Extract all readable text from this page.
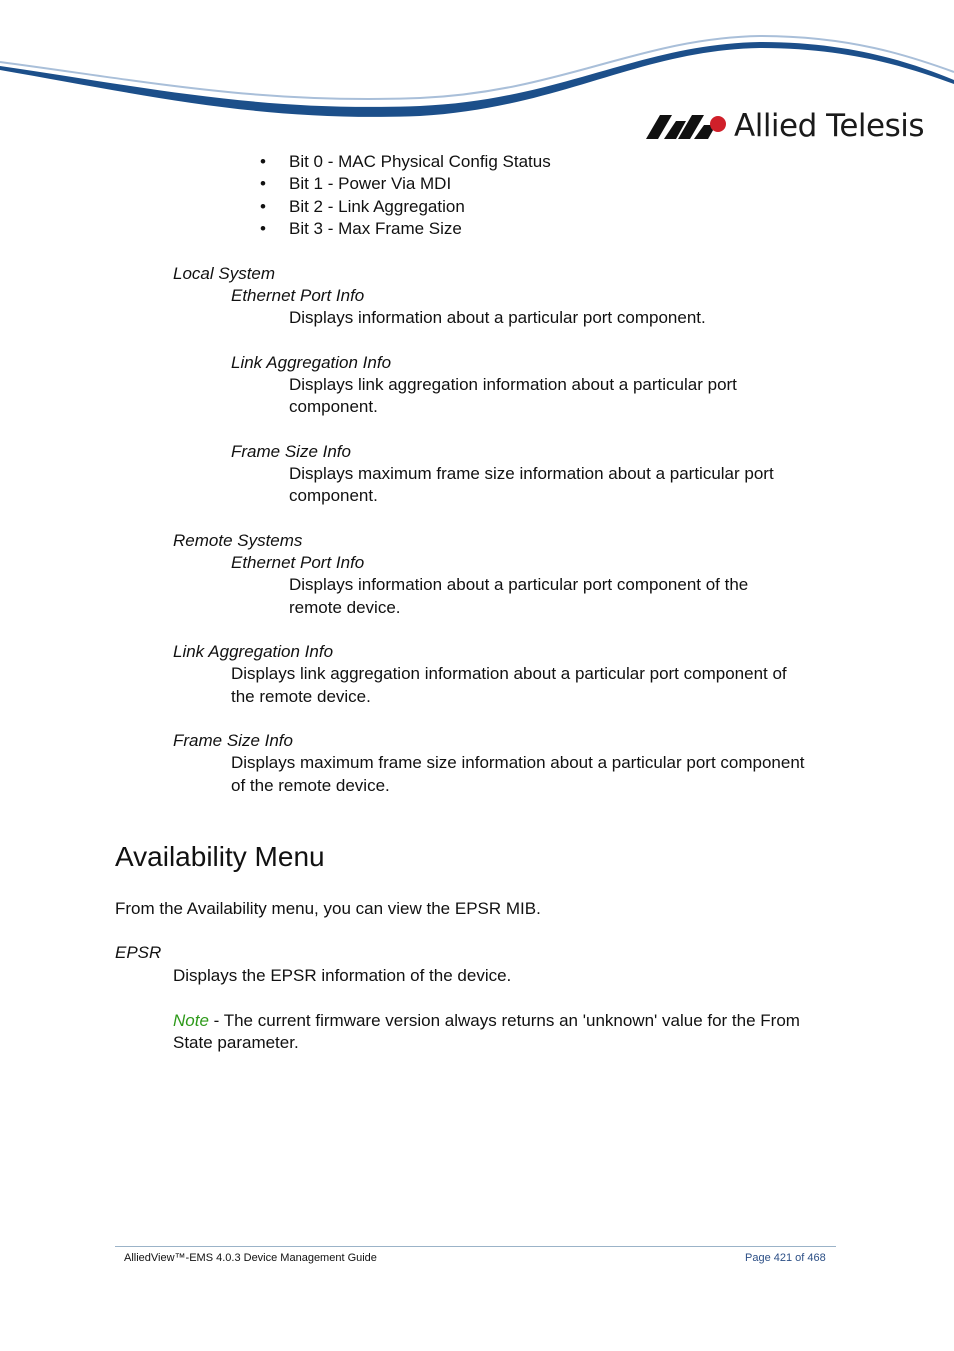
Allied Telesis
• Bit 0 - MAC Physical Config Status
• Bit 1 - Power Via MDI
• Bit 2 - Link Aggregation
• Bit 3 - Max Frame Size
Local System
Ethernet Port Info
Displays information about a particular port component.
Link Aggregation Info
Displays link aggregation information about a particular port
component.
Frame Size Info
Displays maximum frame size information about a particular port
component.
Remote Systems
Ethernet Port Info
Displays information about a particular port component of the
remote device.
Link Aggregation Info
Displays link aggregation information about a particular port component of
the remote device.
Frame Size Info
Displays maximum frame size information about a particular port component
of the remote device.
Availability Menu
From the Availability menu, you can view the EPSR MIB.
EPSR
Displays the EPSR information of the device.
Note - The current firmware version always returns an 'unknown' value for the From
State parameter.
AlliedView™-EMS 4.0.3 Device Management Guide	Page 421 of 468
